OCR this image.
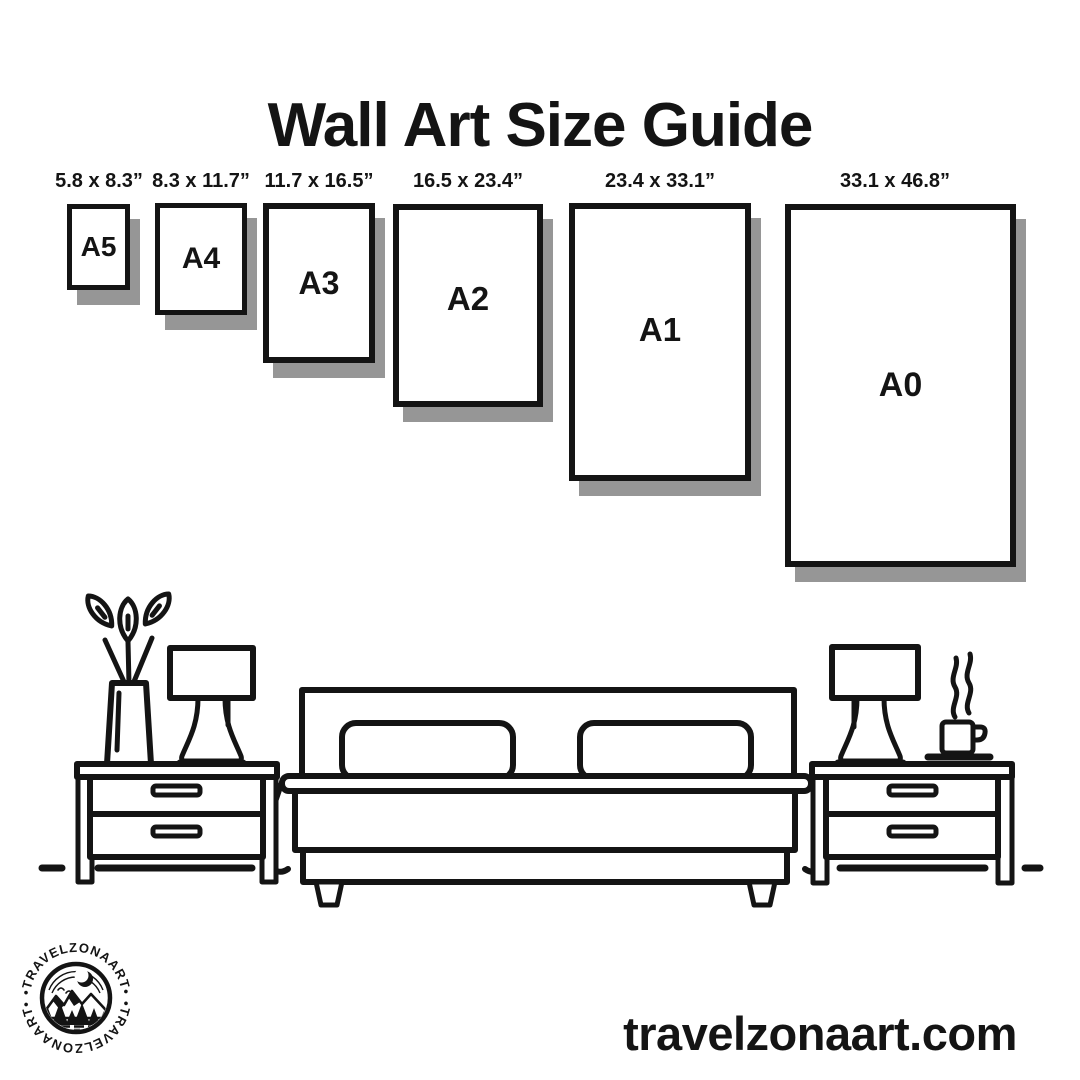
Wall Art Size Guide
5.8 x 8.3” 8.3 x 11.7” 11.7 x 16.5”	16.5 x 23.4”	23.4 x 33.1”	33.1 x 46.8”
A5 A4
A3	A2
A1
A0
•TRAVELZONAART•
•TRAVELZONAART•
travelzonaart.com
